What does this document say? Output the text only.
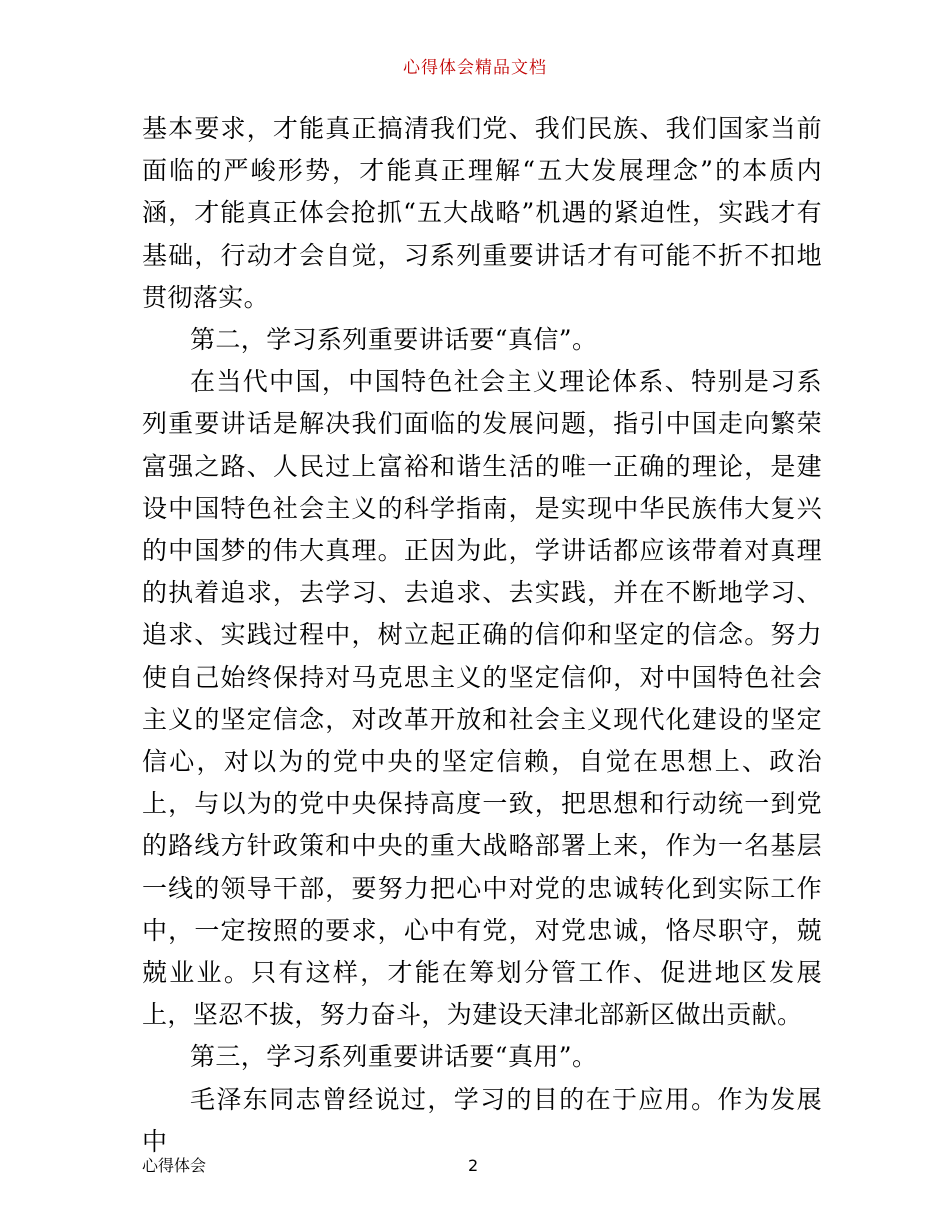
心得体会精品文档

基本要求，才能真正搞清我们党、我们民族、我们国家当前面临的严峻形势，才能真正理解“五大发展理念”的本质内涵，才能真正体会抢抓“五大战略”机遇的紧迫性，实践才有基础，行动才会自觉，习系列重要讲话才有可能不折不扣地贯彻落实。

第二，学习系列重要讲话要“真信”。

在当代中国，中国特色社会主义理论体系、特别是习系列重要讲话是解决我们面临的发展问题，指引中国走向繁荣富强之路、人民过上富裕和谐生活的唯一正确的理论，是建设中国特色社会主义的科学指南，是实现中华民族伟大复兴的中国梦的伟大真理。正因为此，学讲话都应该带着对真理的执着追求，去学习、去追求、去实践，并在不断地学习、追求、实践过程中，树立起正确的信仰和坚定的信念。努力使自己始终保持对马克思主义的坚定信仰，对中国特色社会主义的坚定信念，对改革开放和社会主义现代化建设的坚定信心，对以为的党中央的坚定信赖，自觉在思想上、政治上，与以为的党中央保持高度一致，把思想和行动统一到党的路线方针政策和中央的重大战略部署上来，作为一名基层一线的领导干部，要努力把心中对党的忠诚转化到实际工作中，一定按照的要求，心中有党，对党忠诚，恪尽职守，兢兢业业。只有这样，才能在筹划分管工作、促进地区发展上，坚忍不拔，努力奋斗，为建设天津北部新区做出贡献。

第三，学习系列重要讲话要“真用”。

毛泽东同志曾经说过，学习的目的在于应用。作为发展中

心得体会	2
